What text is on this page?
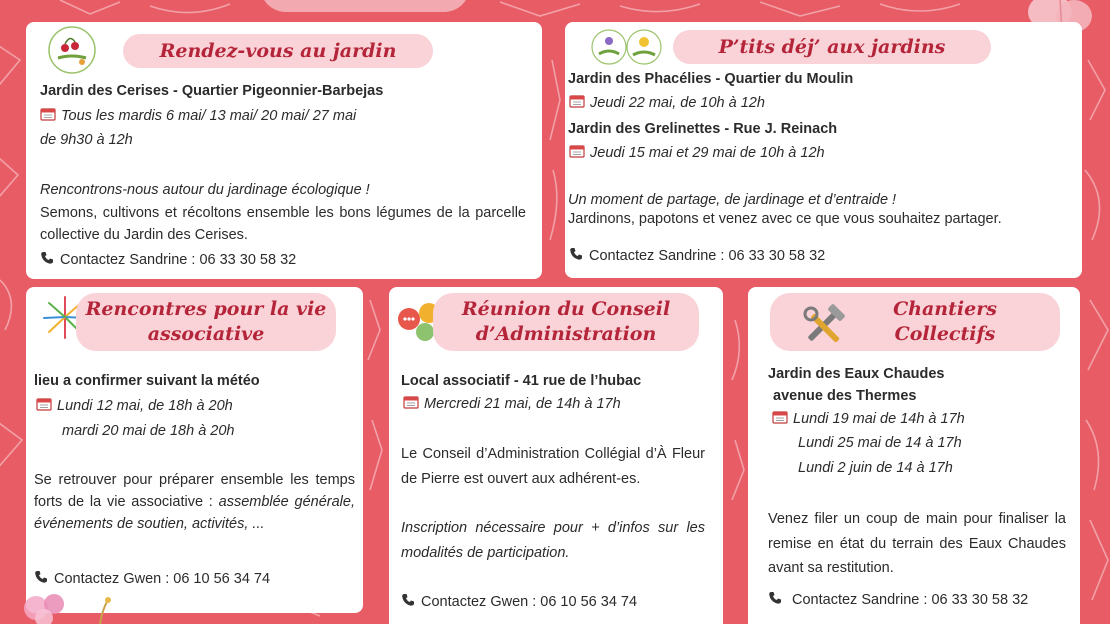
Rendez-vous au jardin
Jardin des Cerises - Quartier Pigeonnier-Barbejas
Tous les mardis 6 mai/ 13 mai/ 20 mai/ 27 mai
de 9h30 à 12h
Rencontrons-nous autour du jardinage écologique !
Semons, cultivons et récoltons ensemble les bons légumes de la parcelle collective du Jardin des Cerises.
Contactez Sandrine : 06 33 30 58 32
P’tits déj’ aux jardins
Jardin des Phacélies - Quartier du Moulin
Jeudi 22 mai, de 10h à 12h
Jardin des Grelinettes - Rue J. Reinach
Jeudi 15 mai et 29 mai de 10h à 12h
Un moment de partage, de jardinage et d’entraide !
Jardinons, papotons et venez avec ce que vous souhaitez partager.
Contactez Sandrine : 06 33 30 58 32
Rencontres pour la vie
associative
lieu a confirmer suivant la météo
Lundi 12 mai, de 18h à 20h
mardi 20 mai de 18h à 20h
Se retrouver pour préparer ensemble les temps forts de la vie associative : assemblée générale, événements de soutien, activités, ...
Contactez Gwen : 06 10 56 34 74
Réunion du Conseil
d’Administration
Local associatif - 41 rue de l’hubac
Mercredi 21 mai, de 14h à 17h
Le Conseil d’Administration Collégial d’À Fleur de Pierre est ouvert aux adhérent-es.
Inscription nécessaire pour + d’infos sur les modalités de participation.
Contactez Gwen : 06 10 56 34 74
Chantiers
Collectifs
Jardin des Eaux Chaudes
avenue des Thermes
Lundi 19 mai de 14h à 17h
Lundi 25 mai de 14 à 17h
Lundi 2 juin de 14 à 17h
Venez filer un coup de main pour finaliser la remise en état du terrain des Eaux Chaudes avant sa restitution.
Contactez Sandrine : 06 33 30 58 32
